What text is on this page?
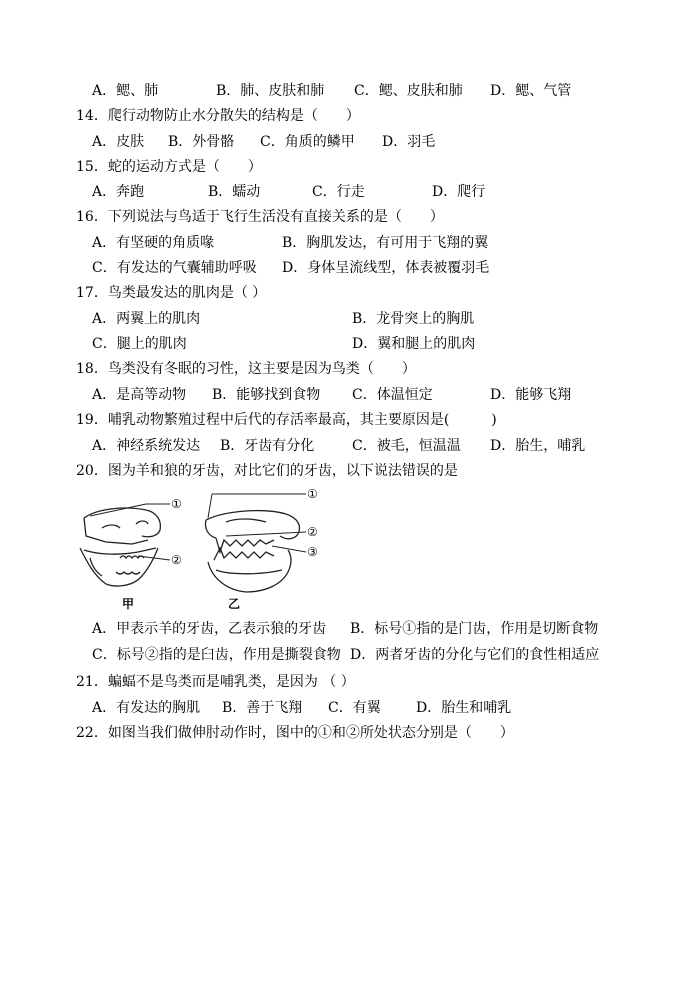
A．鳃、肺	B．肺、皮肤和肺 C．鳃、皮肤和肺 D．鳃、气管
14．爬行动物防止水分散失的结构是（　　）
A．皮肤 B．外骨骼 C．角质的鳞甲 D．羽毛
15．蛇的运动方式是（　　）
A．奔跑	B．蠕动	C．行走	D．爬行
16．下列说法与鸟适于飞行生活没有直接关系的是（　　）
A．有坚硬的角质喙	B．胸肌发达，有可用于飞翔的翼
C．有发达的气囊辅助呼吸 D．身体呈流线型，体表被覆羽毛
17．鸟类最发达的肌肉是（ ）
A．两翼上的肌肉	B．龙骨突上的胸肌
C．腿上的肌肉	D．翼和腿上的肌肉
18．鸟类没有冬眠的习性，这主要是因为鸟类（　　）
A．是高等动物 B．能够找到食物 C．体温恒定	D．能够飞翔
19．哺乳动物繁殖过程中后代的存活率最高，其主要原因是(　　　)
A．神经系统发达 B．牙齿有分化	C．被毛，恒温温 D．胎生，哺乳
20．图为羊和狼的牙齿，对比它们的牙齿，以下说法错误的是
①
②
①
②
③
甲	乙
A．甲表示羊的牙齿，乙表示狼的牙齿 B．标号①指的是门齿，作用是切断食物
C．标号②指的是臼齿，作用是撕裂食物 D．两者牙齿的分化与它们的食性相适应
21．蝙蝠不是鸟类而是哺乳类，是因为 （ ）
A．有发达的胸肌 B．善于飞翔 C．有翼	D．胎生和哺乳
22．如图当我们做伸肘动作时，图中的①和②所处状态分别是（　　）
